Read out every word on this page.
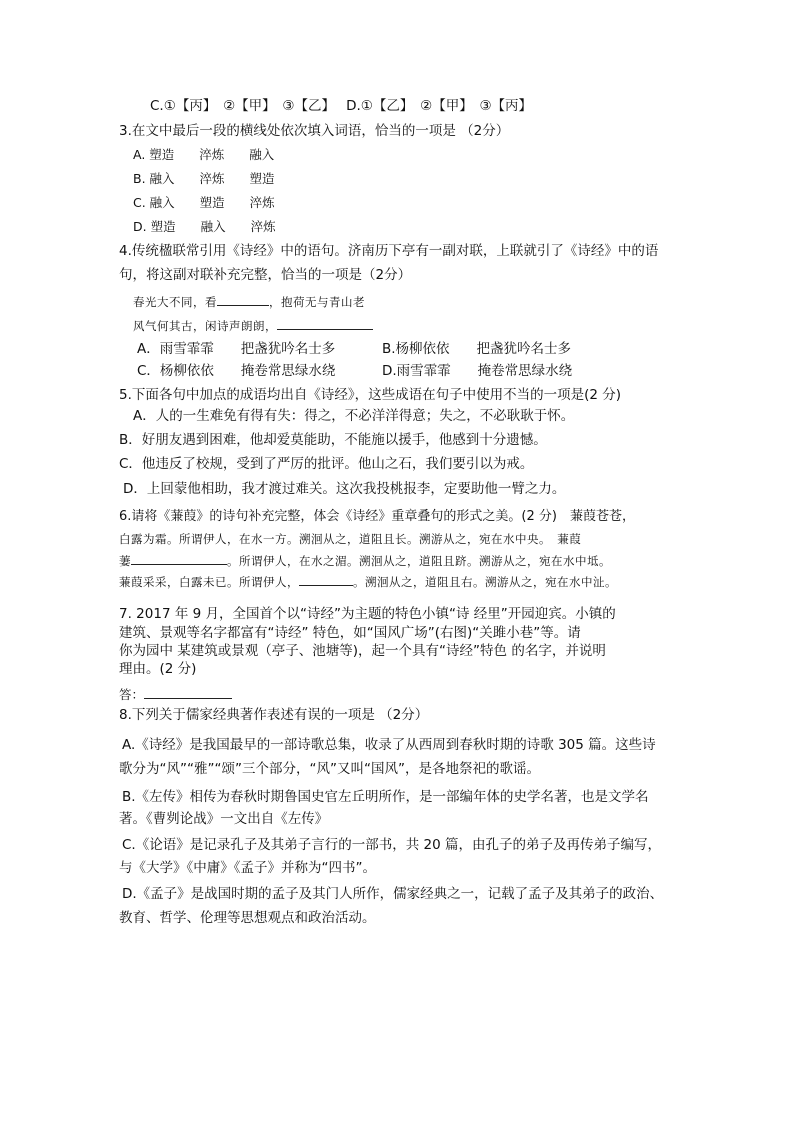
C.①【丙】　②【甲】　③【乙】　 D.①【乙】　②【甲】　③【丙】
3.在文中最后一段的横线处依次填入词语，恰当的一项是 （2分）
A. 塑造　　淬炼　　融入
B. 融入　　淬炼　　塑造
C. 融入　　塑造　　淬炼
D. 塑造　　融入　　淬炼
4.传统楹联常引用《诗经》中的语句。济南历下亭有一副对联，上联就引了《诗经》中的语
句，将这副对联补充完整，恰当的一项是（2分）
春光大不同，看	，抱荷无与青山老
风气何其古，闲诗声朗朗，
A．雨雪霏霏　　把盏犹吟名士多	B.杨柳依依　　把盏犹吟名士多
C．杨柳依依　　掩卷常思绿水绕	D.雨雪霏霏　　掩卷常思绿水绕
5.下面各句中加点的成语均出自《诗经》，这些成语在句子中使用不当的一项是(2 分)
A．人的一生难免有得有失：得之，不必洋洋得意；失之，不必耿耿于怀。
B．好朋友遇到困难，他却爱莫能助，不能施以援手，他感到十分遗憾。
C．他违反了校规，受到了严厉的批评。他山之石，我们要引以为戒。
D．上回蒙他相助，我才渡过难关。这次我投桃报李，定要助他一臂之力。
6.请将《蒹葭》的诗句补充完整，体会《诗经》重章叠句的形式之美。(2 分)　蒹葭苍苍，
白露为霜。所谓伊人，在水一方。溯洄从之，道阻且长。溯游从之，宛在水中央。　蒹葭
萋	。所谓伊人，在水之湄。溯洄从之，道阻且跻。溯游从之，宛在水中坻。
蒹葭采采，白露未已。所谓伊人，	。溯洄从之，道阻且右。溯游从之，宛在水中沚。
7. 2017 年 9 月，全国首个以“诗经”为主题的特色小镇“诗 经里”开园迎宾。小镇的
建筑、景观等名字都富有“诗经” 特色，如“国风广场”(右图)“关雎小巷”等。请
你为园中 某建筑或景观（亭子、池塘等)，起一个具有“诗经”特色 的名字，并说明
理由。(2 分)
答：
8.下列关于儒家经典著作表述有误的一项是 （2分）
A.《诗经》是我国最早的一部诗歌总集，收录了从西周到春秋时期的诗歌 305 篇。这些诗
歌分为“风”“雅”“颂”三个部分，“风”又叫“国风”，是各地祭祀的歌谣。
B.《左传》相传为春秋时期鲁国史官左丘明所作，是一部编年体的史学名著，也是文学名
著。《曹刿论战》一文出自《左传》
C.《论语》是记录孔子及其弟子言行的一部书，共 20 篇，由孔子的弟子及再传弟子编写，
与《大学》《中庸》《孟子》并称为“四书”。
D.《孟子》是战国时期的孟子及其门人所作，儒家经典之一，记载了孟子及其弟子的政治、
教育、哲学、伦理等思想观点和政治活动。
